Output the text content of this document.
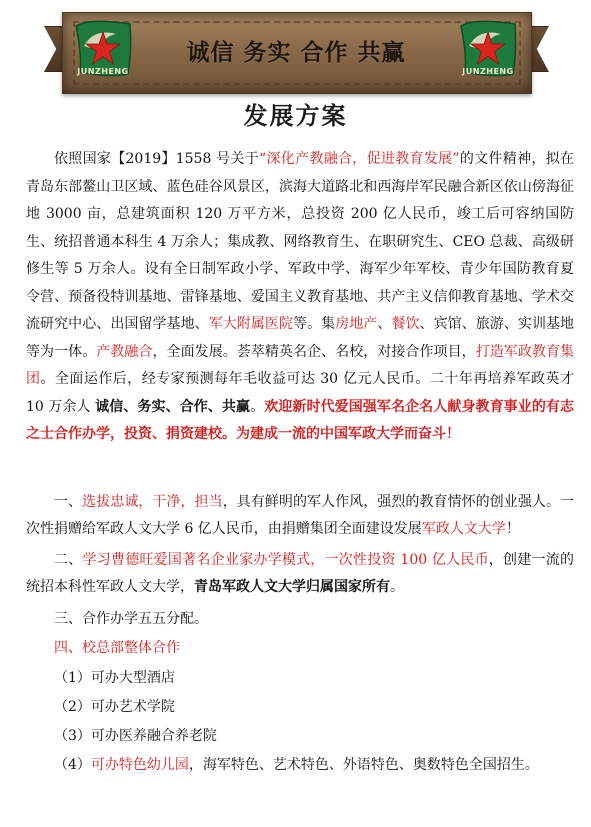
JUNZHENG	JUNZHENG
诚信 务实 合作 共赢
发展方案

依照国家【2019】1558 号关于“深化产教融合，促进教育发展”的文件精神，拟在青岛东部鳌山卫区域、蓝色硅谷风景区，滨海大道路北和西海岸军民融合新区依山傍海征地 3000 亩，总建筑面积 120 万平方米，总投资 200 亿人民币，竣工后可容纳国防生、统招普通本科生 4 万余人；集成教、网络教育生、在职研究生、CEO 总裁、高级研修生等 5 万余人。设有全日制军政小学、军政中学、海军少年军校、青少年国防教育夏令营、预备役特训基地、雷锋基地、爱国主义教育基地、共产主义信仰教育基地、学术交流研究中心、出国留学基地、军大附属医院等。集房地产、餐饮、宾馆、旅游、实训基地等为一体。产教融合，全面发展。荟萃精英名企、名校，对接合作项目，打造军政教育集团。全面运作后，经专家预测每年毛收益可达 30 亿元人民币。二十年再培养军政英才 10 万余人 诚信、务实、合作、共赢。欢迎新时代爱国强军名企名人献身教育事业的有志之士合作办学，投资、捐资建校。为建成一流的中国军政大学而奋斗！

一、选拔忠诚，干净，担当，具有鲜明的军人作风，强烈的教育情怀的创业强人。一次性捐赠给军政人文大学 6 亿人民币，由捐赠集团全面建设发展军政人文大学！

二、学习曹德旺爱国著名企业家办学模式，一次性投资 100 亿人民币，创建一流的统招本科性军政人文大学，青岛军政人文大学归属国家所有。

三、合作办学五五分配。
四、校总部整体合作
（1）可办大型酒店
（2）可办艺术学院
（3）可办医养融合养老院
（4）可办特色幼儿园，海军特色、艺术特色、外语特色、奥数特色全国招生。
